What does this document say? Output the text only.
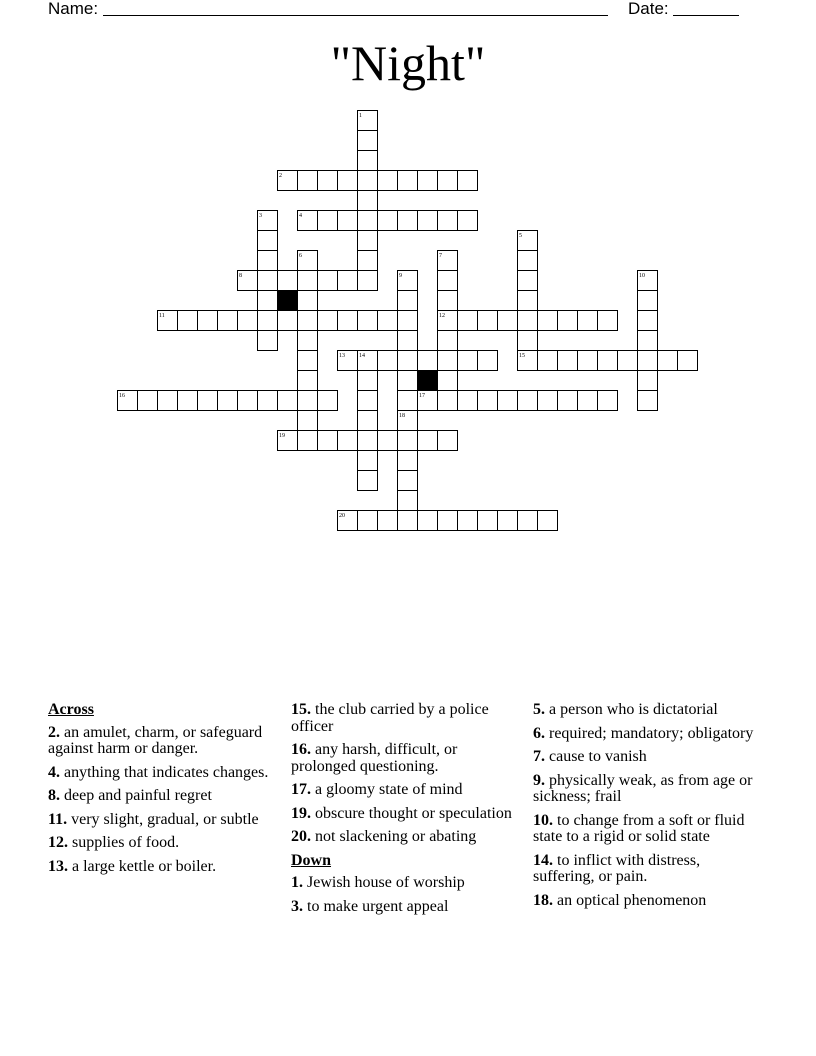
Name:	Date:
"Night"
1
2
3	4
5
6	7
8	9	10
11	12
13 14	15
16	17
18
19
20
Across
2. an amulet, charm, or safeguard against harm or danger.
4. anything that indicates changes.
8. deep and painful regret
11. very slight, gradual, or subtle
12. supplies of food.
13. a large kettle or boiler.
15. the club carried by a police officer
16. any harsh, difficult, or prolonged questioning.
17. a gloomy state of mind
19. obscure thought or speculation
20. not slackening or abating
Down
1. Jewish house of worship
3. to make urgent appeal
5. a person who is dictatorial
6. required; mandatory; obligatory
7. cause to vanish
9. physically weak, as from age or sickness; frail
10. to change from a soft or fluid state to a rigid or solid state
14. to inflict with distress, suffering, or pain.
18. an optical phenomenon
